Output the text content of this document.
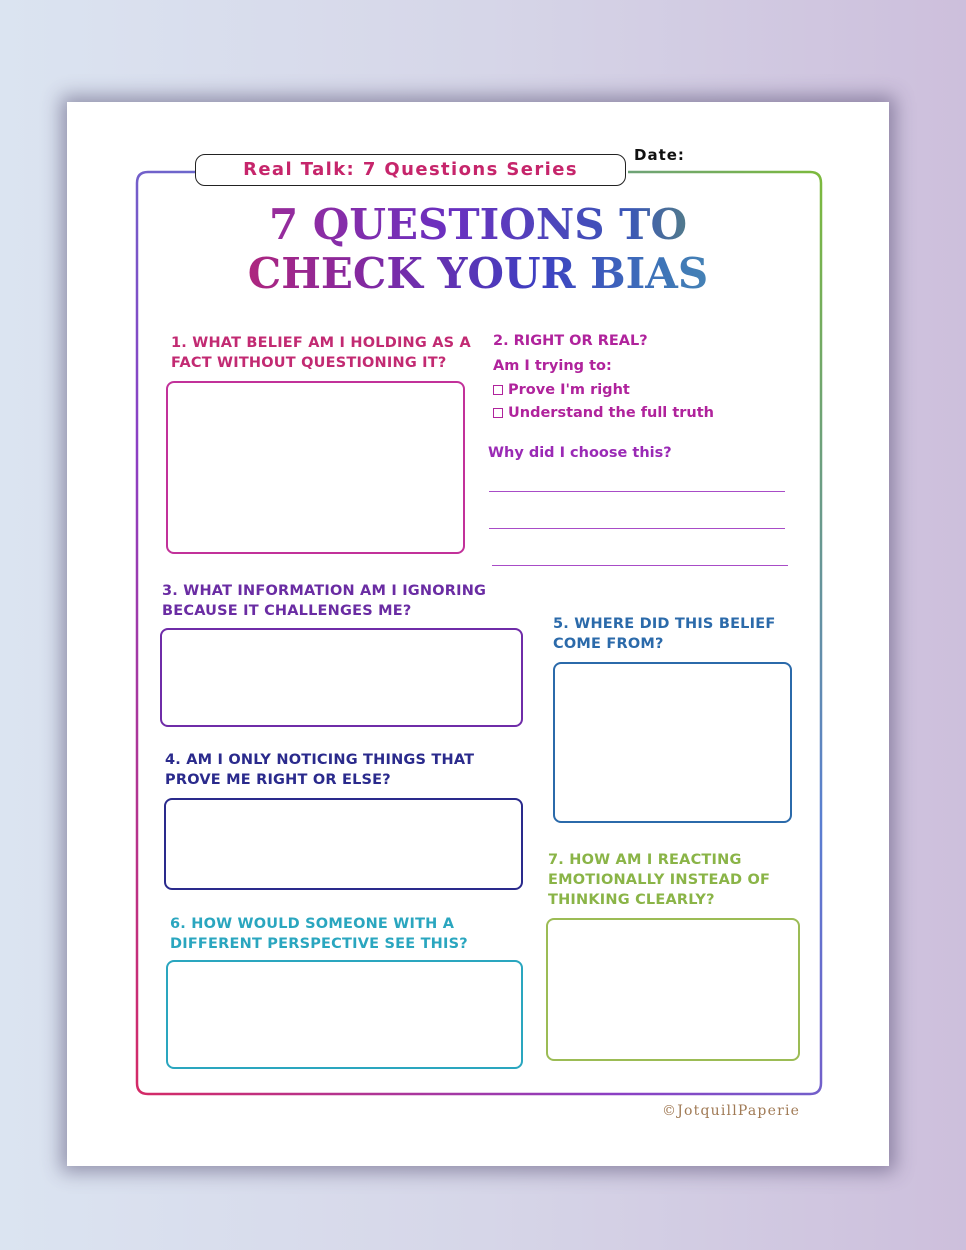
Real Talk: 7 Questions Series
Date:
7 QUESTIONS TO
CHECK YOUR BIAS

1. WHAT BELIEF AM I HOLDING AS A
FACT WITHOUT QUESTIONING IT?

2. RIGHT OR REAL?

Am I trying to:

Prove I'm right
Understand the full truth

Why did I choose this?

3. WHAT INFORMATION AM I IGNORING
BECAUSE IT CHALLENGES ME?

5. WHERE DID THIS BELIEF
COME FROM?

4. AM I ONLY NOTICING THINGS THAT
PROVE ME RIGHT OR ELSE?

7. HOW AM I REACTING
EMOTIONALLY INSTEAD OF
THINKING CLEARLY?

6. HOW WOULD SOMEONE WITH A
DIFFERENT PERSPECTIVE SEE THIS?

©JotquillPaperie
